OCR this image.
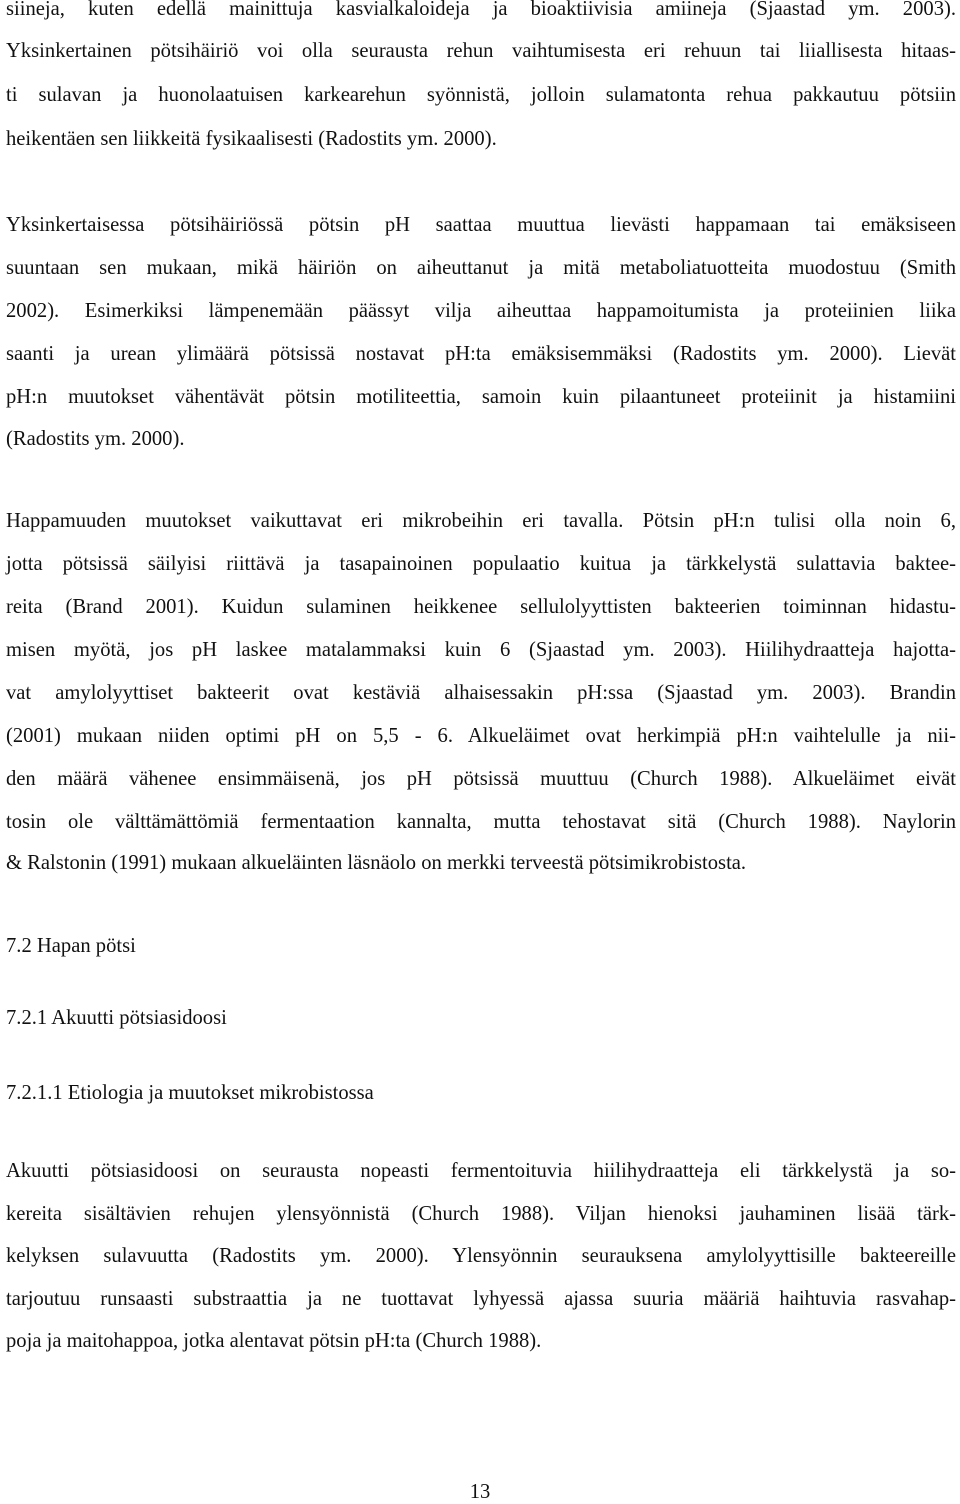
siineja, kuten edellä mainittuja kasvialkaloideja ja bioaktiivisia amiineja (Sjaastad ym. 2003).
Yksinkertainen pötsihäiriö voi olla seurausta rehun vaihtumisesta eri rehuun tai liiallisesta hitaas-
ti sulavan ja huonolaatuisen karkearehun syönnistä, jolloin sulamatonta rehua pakkautuu pötsiin
heikentäen sen liikkeitä fysikaalisesti (Radostits ym. 2000).
Yksinkertaisessa pötsihäiriössä pötsin pH saattaa muuttua lievästi happamaan tai emäksiseen
suuntaan sen mukaan, mikä häiriön on aiheuttanut ja mitä metaboliatuotteita muodostuu (Smith
2002). Esimerkiksi lämpenemään päässyt vilja aiheuttaa happamoitumista ja proteiinien liika
saanti ja urean ylimäärä pötsissä nostavat pH:ta emäksisemmäksi (Radostits ym. 2000). Lievät
pH:n muutokset vähentävät pötsin motiliteettia, samoin kuin pilaantuneet proteiinit ja histamiini
(Radostits ym. 2000).
Happamuuden muutokset vaikuttavat eri mikrobeihin eri tavalla. Pötsin pH:n tulisi olla noin 6,
jotta pötsissä säilyisi riittävä ja tasapainoinen populaatio kuitua ja tärkkelystä sulattavia baktee-
reita (Brand 2001). Kuidun sulaminen heikkenee sellulolyyttisten bakteerien toiminnan hidastu-
misen myötä, jos pH laskee matalammaksi kuin 6 (Sjaastad ym. 2003). Hiilihydraatteja hajotta-
vat amylolyyttiset bakteerit ovat kestäviä alhaisessakin pH:ssa (Sjaastad ym. 2003). Brandin
(2001) mukaan niiden optimi pH on 5,5 - 6. Alkueläimet ovat herkimpiä pH:n vaihtelulle ja nii-
den määrä vähenee ensimmäisenä, jos pH pötsissä muuttuu (Church 1988). Alkueläimet eivät
tosin ole välttämättömiä fermentaation kannalta, mutta tehostavat sitä (Church 1988). Naylorin
& Ralstonin (1991) mukaan alkueläinten läsnäolo on merkki terveestä pötsimikrobistosta.
7.2 Hapan pötsi
7.2.1 Akuutti pötsiasidoosi
7.2.1.1 Etiologia ja muutokset mikrobistossa
Akuutti pötsiasidoosi on seurausta nopeasti fermentoituvia hiilihydraatteja eli tärkkelystä ja so-
kereita sisältävien rehujen ylensyönnistä (Church 1988). Viljan hienoksi jauhaminen lisää tärk-
kelyksen sulavuutta (Radostits ym. 2000). Ylensyönnin seurauksena amylolyyttisille bakteereille
tarjoutuu runsaasti substraattia ja ne tuottavat lyhyessä ajassa suuria määriä haihtuvia rasvahap-
poja ja maitohappoa, jotka alentavat pötsin pH:ta (Church 1988).
13
